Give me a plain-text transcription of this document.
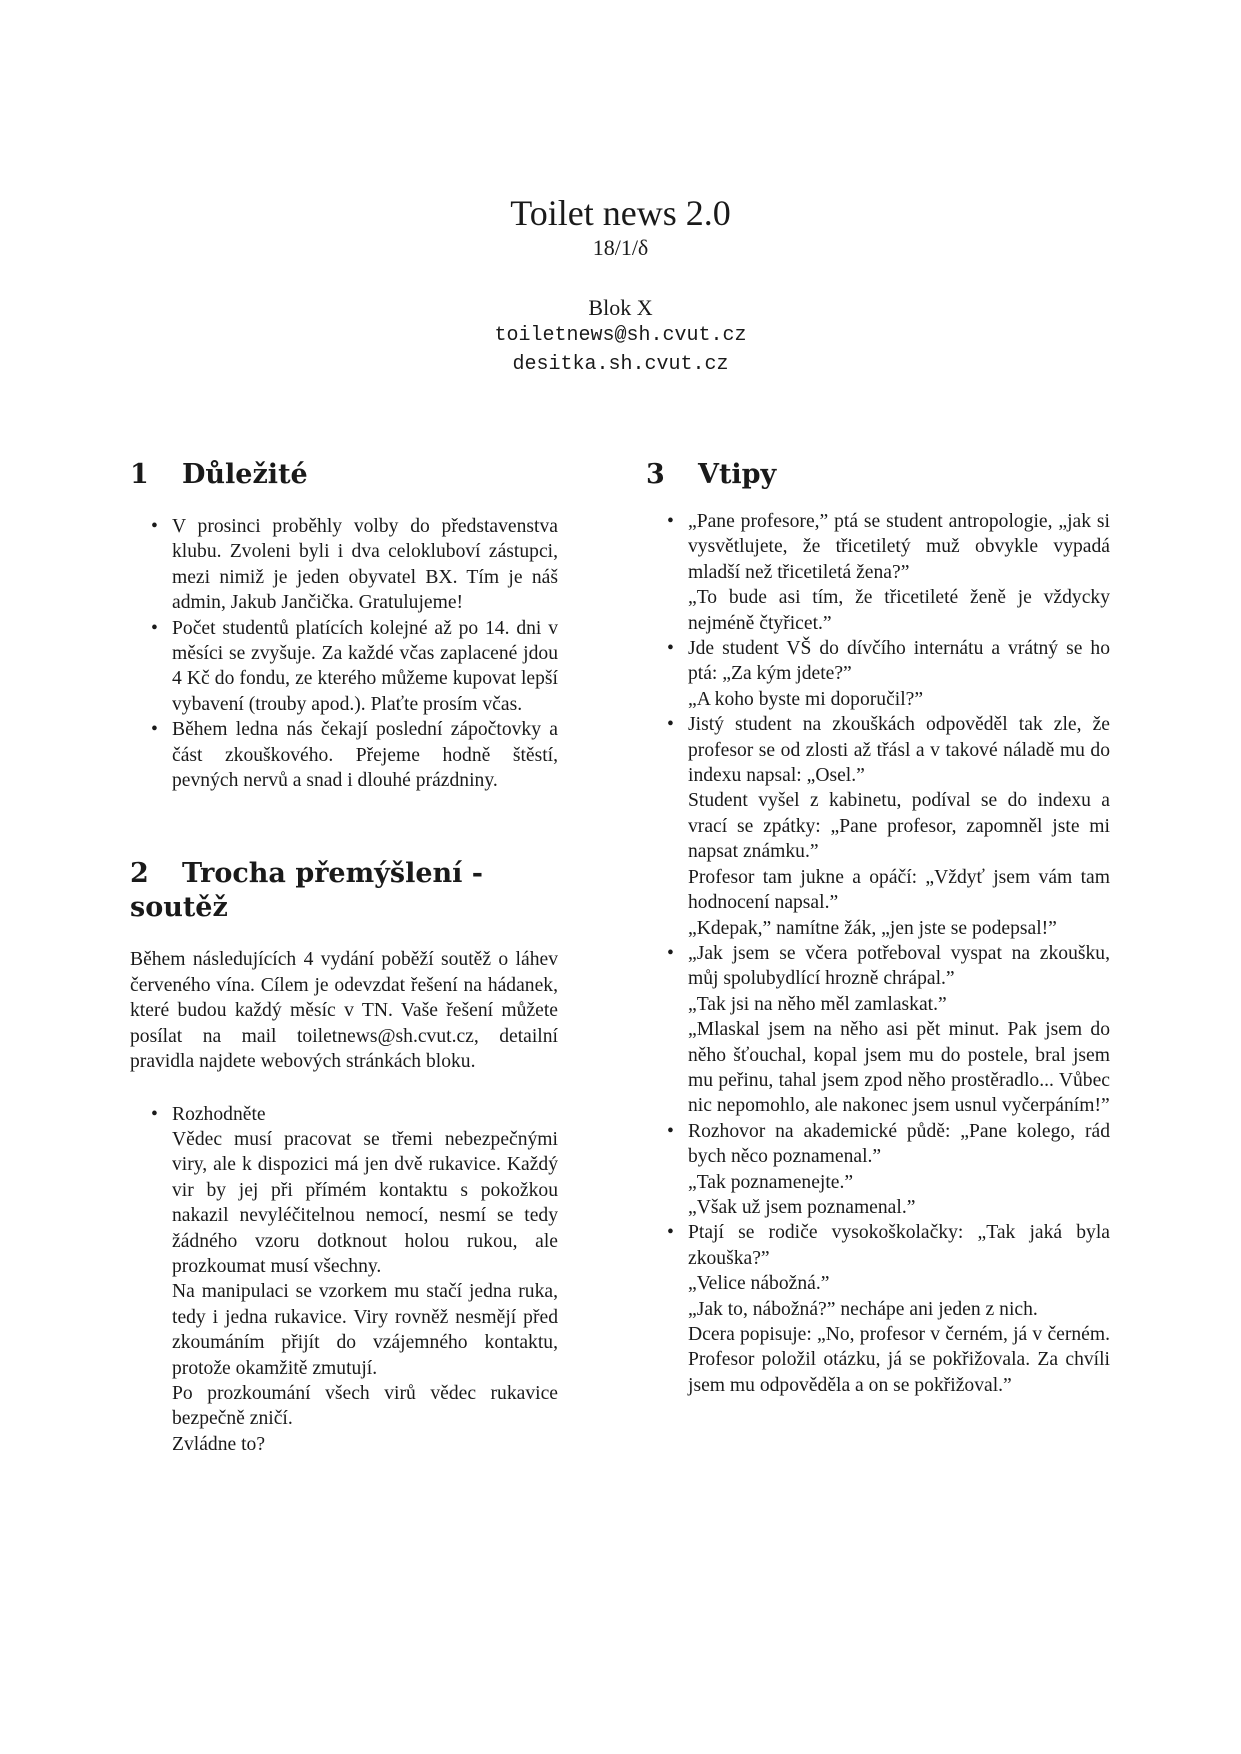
Toilet news 2.0
18/1/δ
Blok X
toiletnews@sh.cvut.cz
desitka.sh.cvut.cz
1 Důležité
• V prosinci proběhly volby do představenstva klubu. Zvoleni byli i dva celokluboví zástupci, mezi nimiž je jeden obyvatel BX. Tím je náš admin, Jakub Jančička. Gratulujeme!
• Počet studentů platících kolejné až po 14. dni v měsíci se zvyšuje. Za každé včas zaplacené jdou 4 Kč do fondu, ze kterého můžeme kupovat lepší vybavení (trouby apod.). Plaťte prosím včas.
• Během ledna nás čekají poslední zápočtovky a část zkouškového. Přejeme hodně štěstí, pevných nervů a snad i dlouhé prázdniny.
2 Trocha přemýšlení - soutěž

Během následujících 4 vydání poběží soutěž o láhev červeného vína. Cílem je odevzdat řešení na hádanek, které budou každý měsíc v TN. Vaše řešení můžete posílat na mail toiletnews@sh.cvut.cz, detailní pravidla najdete webových stránkách bloku.

• Rozhodněte
Vědec musí pracovat se třemi nebezpečnými viry, ale k dispozici má jen dvě rukavice. Každý vir by jej při přímém kontaktu s pokožkou nakazil nevyléčitelnou nemocí, nesmí se tedy žádného vzoru dotknout holou rukou, ale prozkoumat musí všechny.
Na manipulaci se vzorkem mu stačí jedna ruka, tedy i jedna rukavice. Viry rovněž nesmějí před zkoumáním přijít do vzájemného kontaktu, protože okamžitě zmutují.
Po prozkoumání všech virů vědec rukavice bezpečně zničí.
Zvládne to?
3 Vtipy
• „Pane profesore,” ptá se student antropologie, „jak si vysvětlujete, že třicetiletý muž obvykle vypadá mladší než třicetiletá žena?”
„To bude asi tím, že třicetileté ženě je vždycky nejméně čtyřicet.”
• Jde student VŠ do dívčího internátu a vrátný se ho ptá: „Za kým jdete?”
„A koho byste mi doporučil?”
• Jistý student na zkouškách odpověděl tak zle, že profesor se od zlosti až třásl a v takové náladě mu do indexu napsal: „Osel.”
Student vyšel z kabinetu, podíval se do indexu a vrací se zpátky: „Pane profesor, zapomněl jste mi napsat známku.”
Profesor tam jukne a opáčí: „Vždyť jsem vám tam hodnocení napsal.”
„Kdepak,” namítne žák, „jen jste se podepsal!”
• „Jak jsem se včera potřeboval vyspat na zkoušku, můj spolubydlící hrozně chrápal.”
„Tak jsi na něho měl zamlaskat.”
„Mlaskal jsem na něho asi pět minut. Pak jsem do něho šťouchal, kopal jsem mu do postele, bral jsem mu peřinu, tahal jsem zpod něho prostěradlo... Vůbec nic nepomohlo, ale nakonec jsem usnul vyčerpáním!”
• Rozhovor na akademické půdě: „Pane kolego, rád bych něco poznamenal.”
„Tak poznamenejte.”
„Však už jsem poznamenal.”
• Ptají se rodiče vysokoškolačky: „Tak jaká byla zkouška?”
„Velice nábožná.”
„Jak to, nábožná?” nechápe ani jeden z nich.
Dcera popisuje: „No, profesor v černém, já v černém. Profesor položil otázku, já se pokřižovala. Za chvíli jsem mu odpověděla a on se pokřižoval.”
